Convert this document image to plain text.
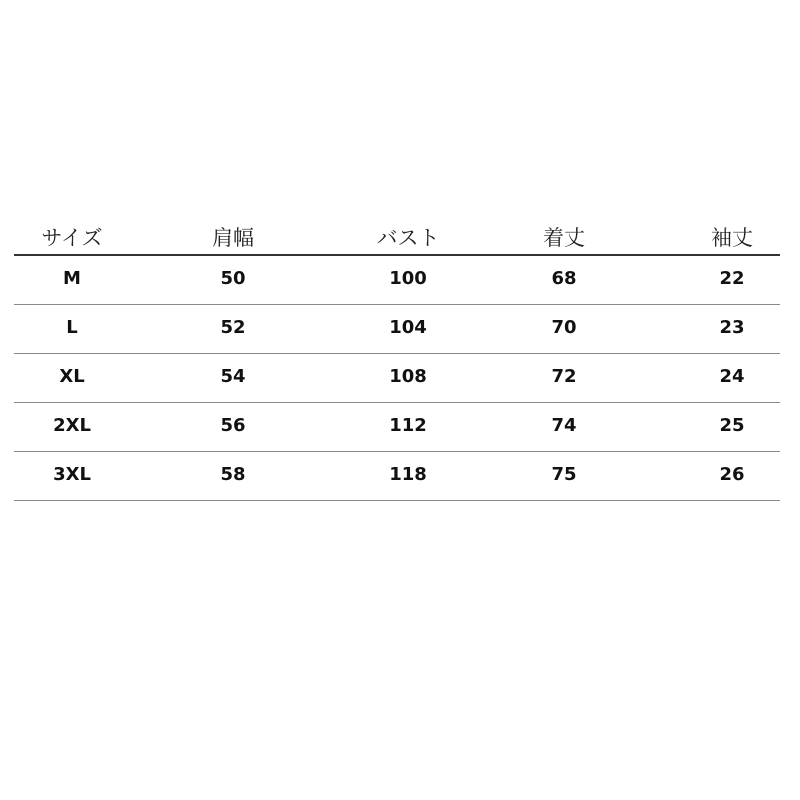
サイズ	肩幅	バスト	着丈	袖丈
M	50	100	68	22
L	52	104	70	23
XL	54	108	72	24
2XL	56	112	74	25
3XL	58	118	75	26
